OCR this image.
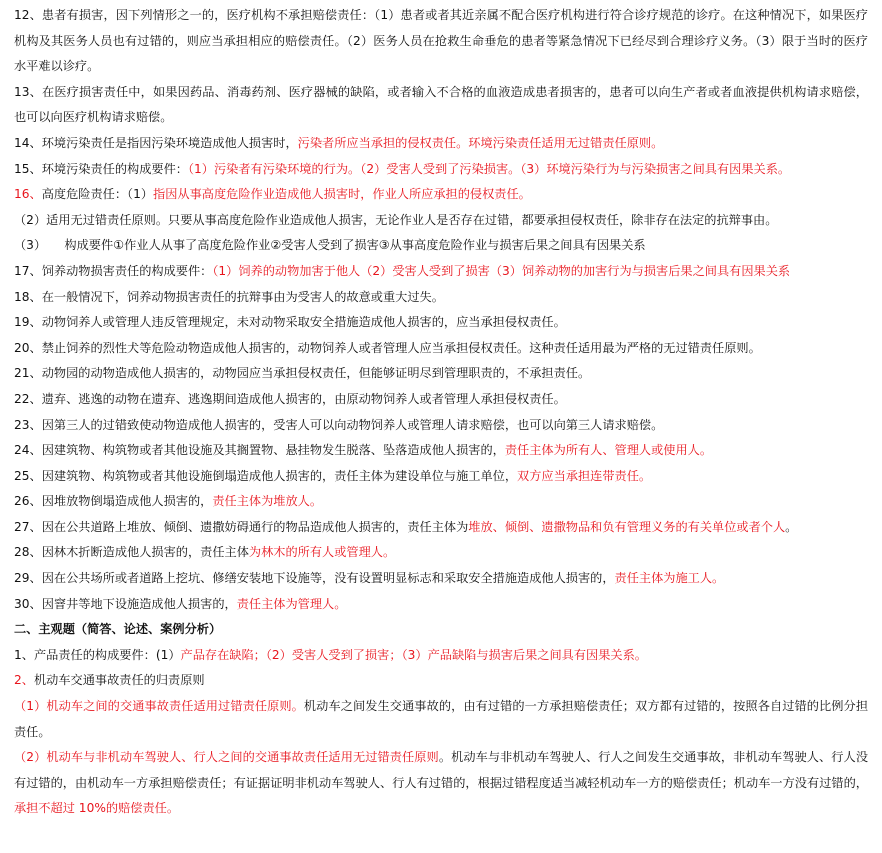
12、患者有损害，因下列情形之一的，医疗机构不承担赔偿责任：（1）患者或者其近亲属不配合医疗机构进行符合诊疗规范的诊疗。在这种情况下，如果医疗机构及其医务人员也有过错的，则应当承担相应的赔偿责任。（2）医务人员在抢救生命垂危的患者等紧急情况下已经尽到合理诊疗义务。（3）限于当时的医疗水平难以诊疗。

13、在医疗损害责任中，如果因药品、消毒药剂、医疗器械的缺陷，或者输入不合格的血液造成患者损害的，患者可以向生产者或者血液提供机构请求赔偿，也可以向医疗机构请求赔偿。

14、环境污染责任是指因污染环境造成他人损害时，污染者所应当承担的侵权责任。环境污染责任适用无过错责任原则。

15、环境污染责任的构成要件：（1）污染者有污染环境的行为。（2）受害人受到了污染损害。（3）环境污染行为与污染损害之间具有因果关系。

16、高度危险责任：（1）指因从事高度危险作业造成他人损害时，作业人所应承担的侵权责任。

（2）适用无过错责任原则。只要从事高度危险作业造成他人损害，无论作业人是否存在过错，都要承担侵权责任，除非存在法定的抗辩事由。

（3）　　构成要件①作业人从事了高度危险作业②受害人受到了损害③从事高度危险作业与损害后果之间具有因果关系

17、饲养动物损害责任的构成要件：（1）饲养的动物加害于他人（2）受害人受到了损害（3）饲养动物的加害行为与损害后果之间具有因果关系

18、在一般情况下，饲养动物损害责任的抗辩事由为受害人的故意或重大过失。

19、动物饲养人或管理人违反管理规定，未对动物采取安全措施造成他人损害的，应当承担侵权责任。

20、禁止饲养的烈性犬等危险动物造成他人损害的，动物饲养人或者管理人应当承担侵权责任。这种责任适用最为严格的无过错责任原则。

21、动物园的动物造成他人损害的，动物园应当承担侵权责任，但能够证明尽到管理职责的，不承担责任。

22、遗弃、逃逸的动物在遗弃、逃逸期间造成他人损害的，由原动物饲养人或者管理人承担侵权责任。

23、因第三人的过错致使动物造成他人损害的，受害人可以向动物饲养人或管理人请求赔偿，也可以向第三人请求赔偿。

24、因建筑物、构筑物或者其他设施及其搁置物、悬挂物发生脱落、坠落造成他人损害的，责任主体为所有人、管理人或使用人。

25、因建筑物、构筑物或者其他设施倒塌造成他人损害的，责任主体为建设单位与施工单位，双方应当承担连带责任。

26、因堆放物倒塌造成他人损害的，责任主体为堆放人。

27、因在公共道路上堆放、倾倒、遗撒妨碍通行的物品造成他人损害的，责任主体为堆放、倾倒、遗撒物品和负有管理义务的有关单位或者个人。

28、因林木折断造成他人损害的，责任主体为林木的所有人或管理人。

29、因在公共场所或者道路上挖坑、修缮安装地下设施等，没有设置明显标志和采取安全措施造成他人损害的，责任主体为施工人。

30、因窨井等地下设施造成他人损害的，责任主体为管理人。

二、主观题（简答、论述、案例分析）

1、产品责任的构成要件：(1）产品存在缺陷；（2）受害人受到了损害；（3）产品缺陷与损害后果之间具有因果关系。

2、机动车交通事故责任的归责原则

（1）机动车之间的交通事故责任适用过错责任原则。机动车之间发生交通事故的，由有过错的一方承担赔偿责任；双方都有过错的，按照各自过错的比例分担责任。

（2）机动车与非机动车驾驶人、行人之间的交通事故责任适用无过错责任原则。机动车与非机动车驾驶人、行人之间发生交通事故，非机动车驾驶人、行人没有过错的，由机动车一方承担赔偿责任；有证据证明非机动车驾驶人、行人有过错的，根据过错程度适当减轻机动车一方的赔偿责任；机动车一方没有过错的，承担不超过 10%的赔偿责任。
